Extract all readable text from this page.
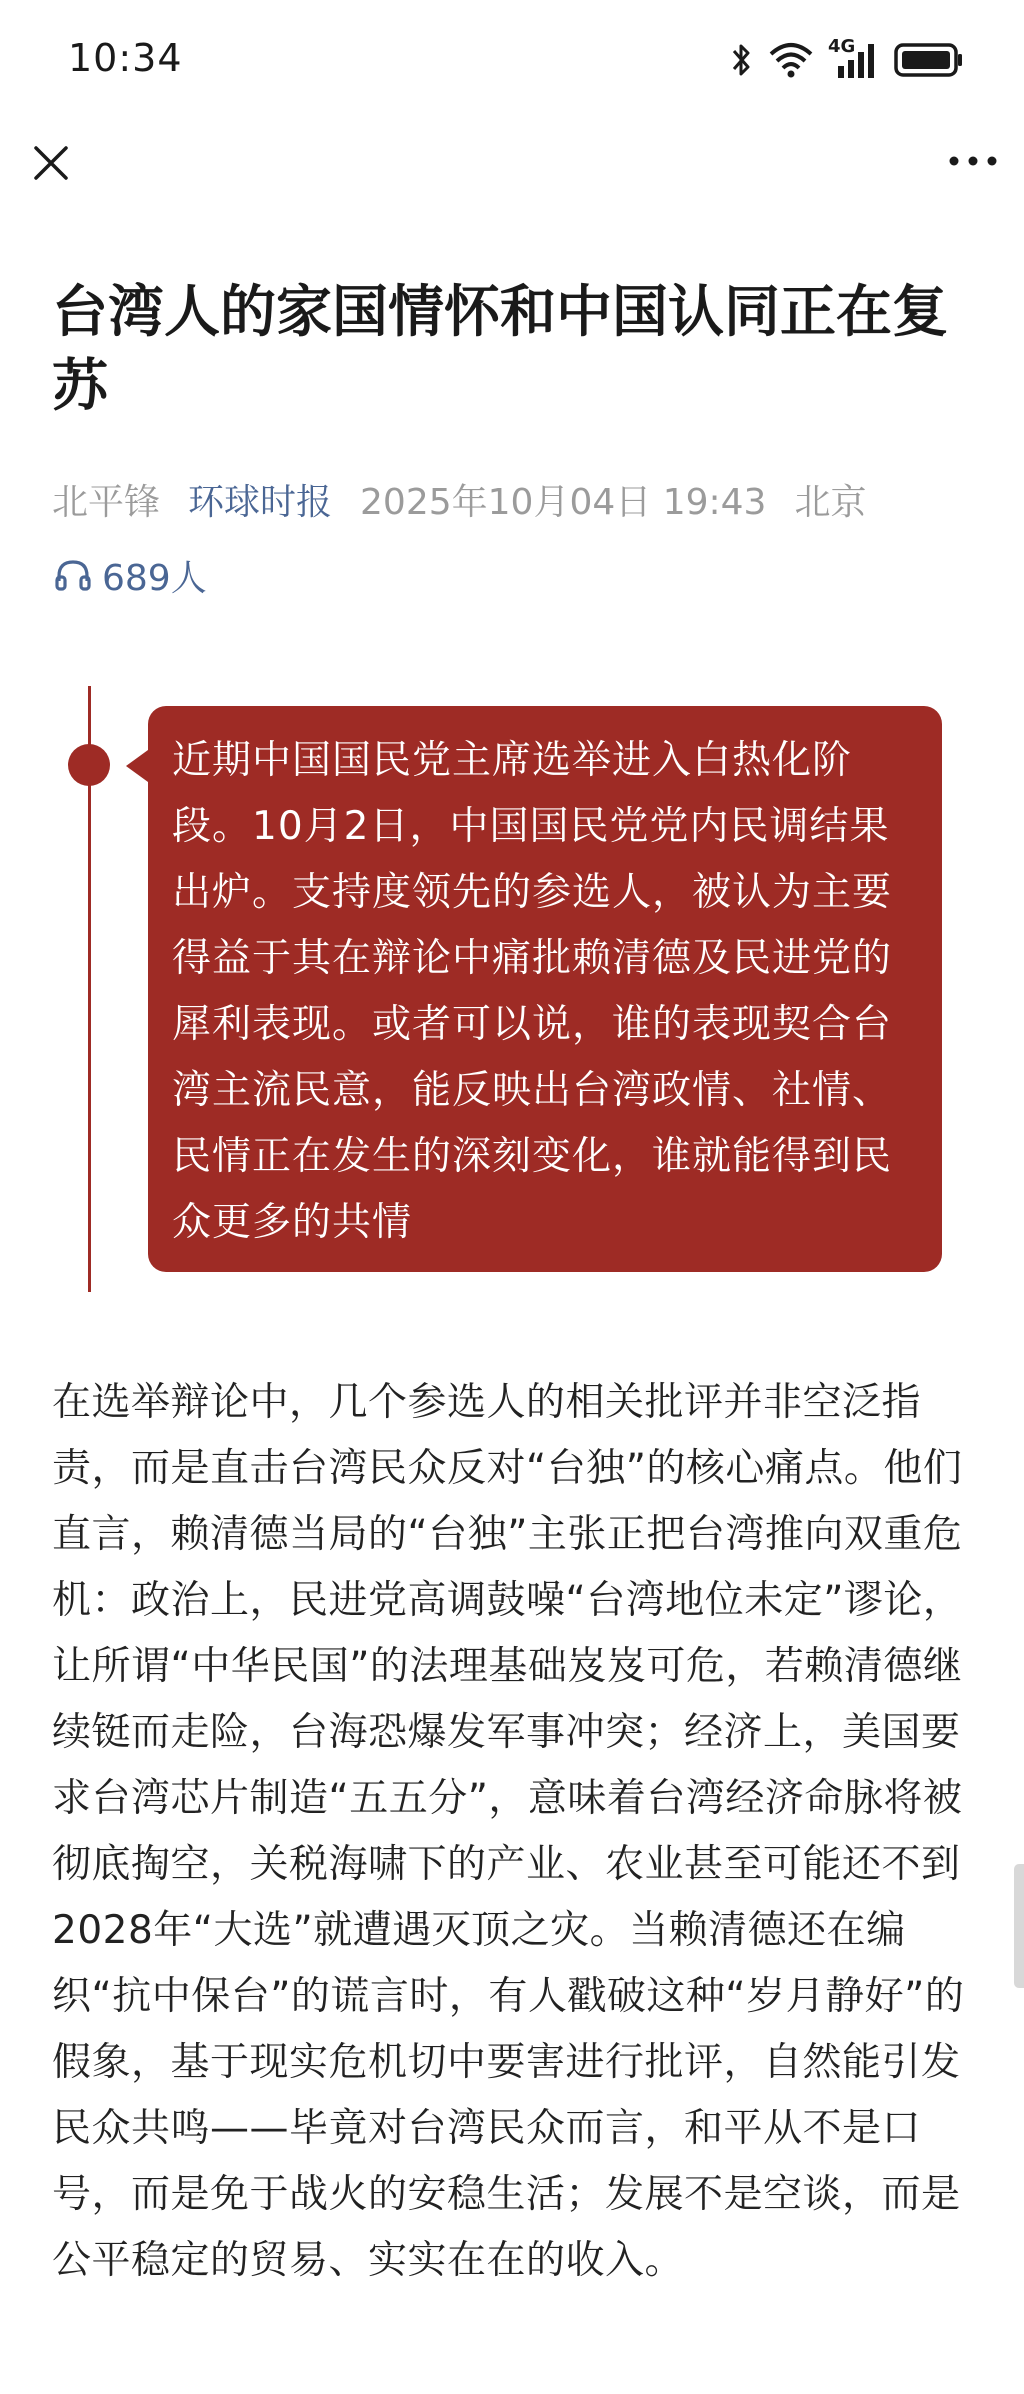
10:34	4G
台湾人的家国情怀和中国认同正在复苏
北平锋 环球时报 2025年10月04日 19:43 北京
689人

近期中国国民党主席选举进入白热化阶段。10月2日，中国国民党党内民调结果出炉。支持度领先的参选人，被认为主要得益于其在辩论中痛批赖清德及民进党的犀利表现。或者可以说，谁的表现契合台湾主流民意，能反映出台湾政情、社情、民情正在发生的深刻变化，谁就能得到民众更多的共情

在选举辩论中，几个参选人的相关批评并非空泛指责，而是直击台湾民众反对“台独”的核心痛点。他们直言，赖清德当局的“台独”主张正把台湾推向双重危机：政治上，民进党高调鼓噪“台湾地位未定”谬论，让所谓“中华民国”的法理基础岌岌可危，若赖清德继续铤而走险，台海恐爆发军事冲突；经济上，美国要求台湾芯片制造“五五分”，意味着台湾经济命脉将被彻底掏空，关税海啸下的产业、农业甚至可能还不到2028年“大选”就遭遇灭顶之灾。当赖清德还在编织“抗中保台”的谎言时，有人戳破这种“岁月静好”的假象，基于现实危机切中要害进行批评，自然能引发民众共鸣——毕竟对台湾民众而言，和平从不是口号，而是免于战火的安稳生活；发展不是空谈，而是公平稳定的贸易、实实在在的收入。
